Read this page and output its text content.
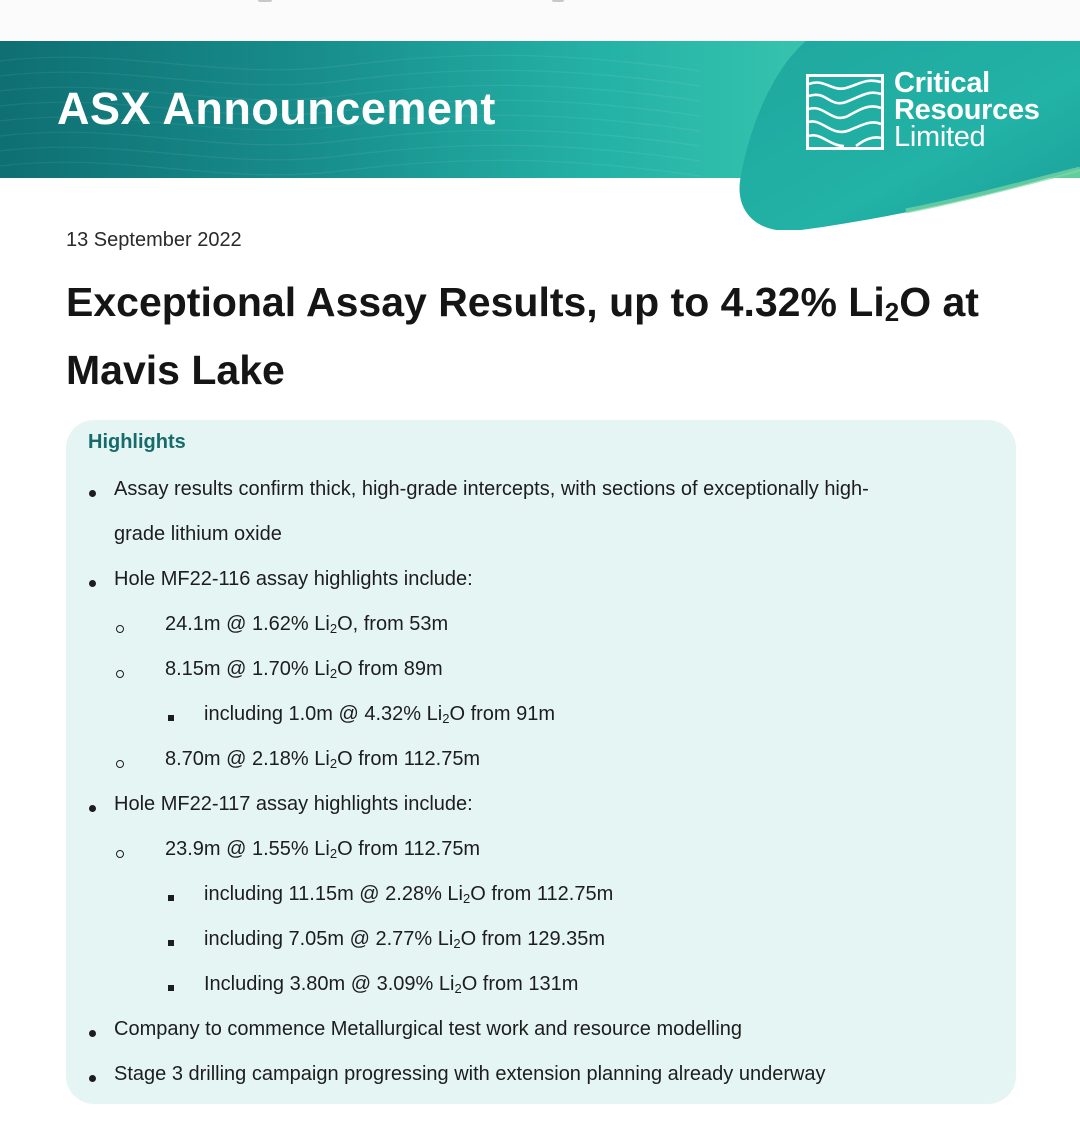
ASX Announcement	Critical
Resources
Limited
13 September 2022
Exceptional Assay Results, up to 4.32% $Li_2O$ at Mavis Lake
Highlights
Assay results confirm thick, high-grade intercepts, with sections of exceptionally high-
grade lithium oxide
Hole MF22-116 assay highlights include:
24.1m @ 1.62% $Li_2O$, from 53m
8.15m @ 1.70% $Li_2O$ from 89m
including 1.0m @ 4.32% $Li_2O$ from 91m
8.70m @ 2.18% $Li_2O$ from 112.75m
Hole MF22-117 assay highlights include:
23.9m @ 1.55% $Li_2O$ from 112.75m
including 11.15m @ 2.28% $Li_2O$ from 112.75m
including 7.05m @ 2.77% $Li_2O$ from 129.35m
Including 3.80m @ 3.09% $Li_2O$ from 131m
Company to commence Metallurgical test work and resource modelling
Stage 3 drilling campaign progressing with extension planning already underway
